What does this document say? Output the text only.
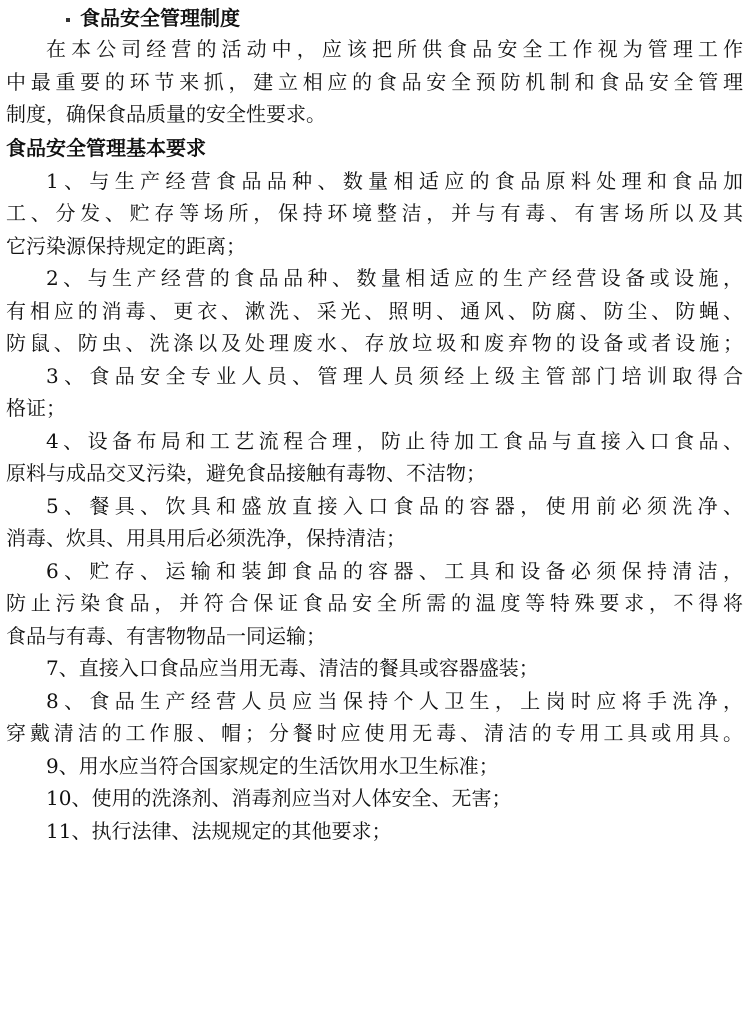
食品安全管理制度
在本公司经营的活动中，应该把所供食品安全工作视为管理工作
中最重要的环节来抓，建立相应的食品安全预防机制和食品安全管理
制度，确保食品质量的安全性要求。
食品安全管理基本要求
1、与生产经营食品品种、数量相适应的食品原料处理和食品加
工、分发、贮存等场所，保持环境整洁，并与有毒、有害场所以及其
它污染源保持规定的距离；
2、与生产经营的食品品种、数量相适应的生产经营设备或设施，
有相应的消毒、更衣、漱洗、采光、照明、通风、防腐、防尘、防蝇、
防鼠、防虫、洗涤以及处理废水、存放垃圾和废弃物的设备或者设施；
3、食品安全专业人员、管理人员须经上级主管部门培训取得合
格证；
4、设备布局和工艺流程合理，防止待加工食品与直接入口食品、
原料与成品交叉污染，避免食品接触有毒物、不洁物；
5、餐具、饮具和盛放直接入口食品的容器，使用前必须洗净、
消毒、炊具、用具用后必须洗净，保持清洁；
6、贮存、运输和装卸食品的容器、工具和设备必须保持清洁，
防止污染食品，并符合保证食品安全所需的温度等特殊要求，不得将
食品与有毒、有害物物品一同运输；
7、直接入口食品应当用无毒、清洁的餐具或容器盛装；
8、食品生产经营人员应当保持个人卫生，上岗时应将手洗净，
穿戴清洁的工作服、帽；分餐时应使用无毒、清洁的专用工具或用具。
9、用水应当符合国家规定的生活饮用水卫生标准；
10、使用的洗涤剂、消毒剂应当对人体安全、无害；
11、执行法律、法规规定的其他要求；
